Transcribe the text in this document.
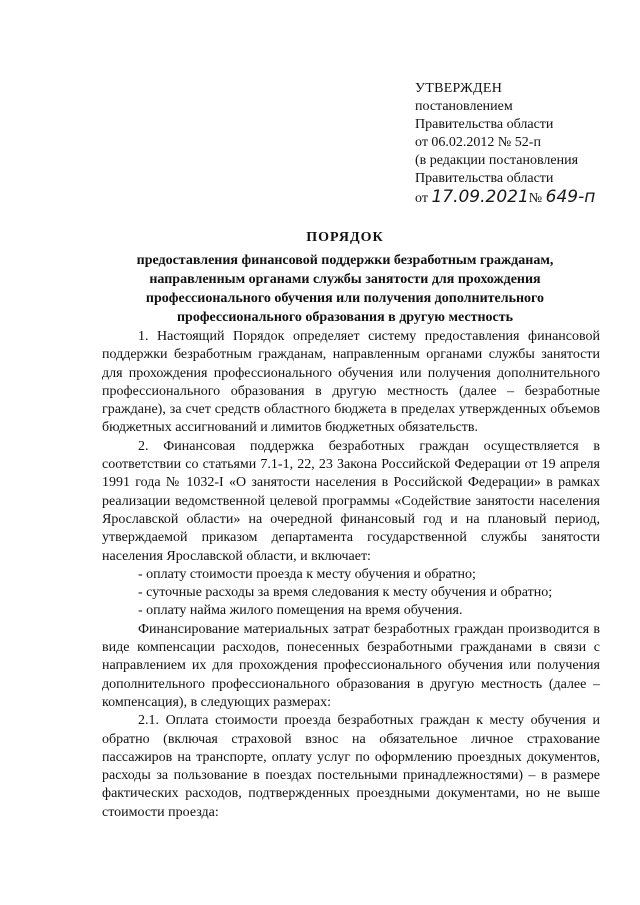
УТВЕРЖДЕН
постановлением
Правительства области
от 06.02.2012 № 52-п
(в редакции постановления
Правительства области
от 17.09.2021№ 649-п
ПОРЯДОК
предоставления финансовой поддержки безработным гражданам,
направленным органами службы занятости для прохождения
профессионального обучения или получения дополнительного
профессионального образования в другую местность

1. Настоящий Порядок определяет систему предоставления финансовой поддержки безработным гражданам, направленным органами службы занятости для прохождения профессионального обучения или получения дополнительного профессионального образования в другую местность (далее – безработные граждане), за счет средств областного бюджета в пределах утвержденных объемов бюджетных ассигнований и лимитов бюджетных обязательств.

2. Финансовая поддержка безработных граждан осуществляется в соответствии со статьями 7.1-1, 22, 23 Закона Российской Федерации от 19 апреля 1991 года № 1032-I «О занятости населения в Российской Федерации» в рамках реализации ведомственной целевой программы «Содействие занятости населения Ярославской области» на очередной финансовый год и на плановый период, утверждаемой приказом департамента государственной службы занятости населения Ярославской области, и включает:

- оплату стоимости проезда к месту обучения и обратно;
- суточные расходы за время следования к месту обучения и обратно;
- оплату найма жилого помещения на время обучения.

Финансирование материальных затрат безработных граждан производится в виде компенсации расходов, понесенных безработными гражданами в связи с направлением их для прохождения профессионального обучения или получения дополнительного профессионального образования в другую местность (далее – компенсация), в следующих размерах:

2.1. Оплата стоимости проезда безработных граждан к месту обучения и обратно (включая страховой взнос на обязательное личное страхование пассажиров на транспорте, оплату услуг по оформлению проездных документов, расходы за пользование в поездах постельными принадлежностями) – в размере фактических расходов, подтвержденных проездными документами, но не выше стоимости проезда:
